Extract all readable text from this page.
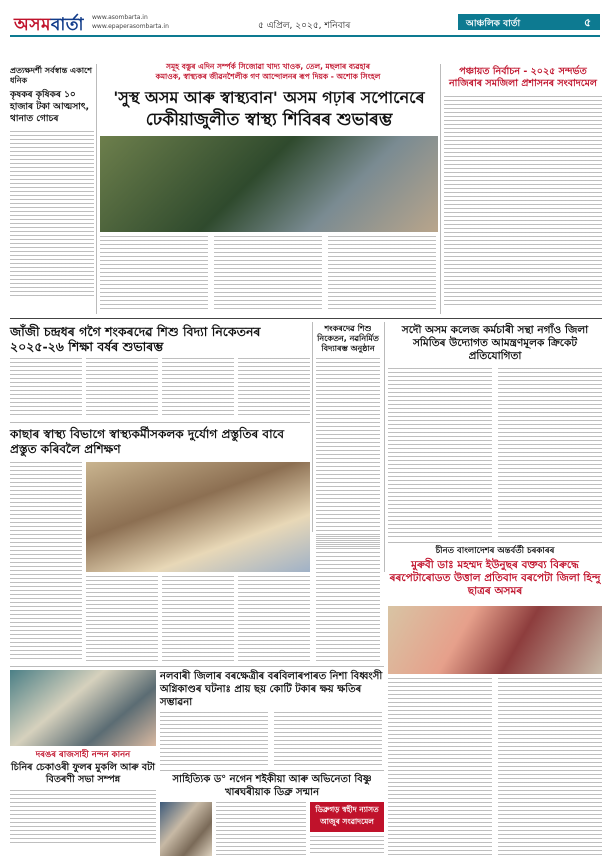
অসমবাৰ্তা www.asombarta.in
www.epaperasombarta.in	৫ এপ্ৰিল, ২০২৫, শনিবাৰ	আঞ্চলিক বাৰ্তা	৫
প্ৰত্যক্ষদৰ্শী সৰ্বস্বান্ত একাশে ধনিক
কৃষকৰ কৃষিকৰ ১০ হাজাৰ টকা আত্মসাৎ, থানাত গোচৰ
সমূহ বস্তুৰ এদিন সৰ্ম্পৰ্ক সিজোৱা খাদ্য খাওক, তেল, মছলাৰ ব্যৱহাৰ
কমাওক, স্বাস্থ্যকৰ জীৱনশৈলীক গণ আন্দোলনৰ ৰূপ দিয়ক - অশোক সিংহল
'সুস্থ অসম আৰু স্বাস্থ্যবান' অসম গঢ়াৰ সপোনেৰে
ঢেকীয়াজুলীত স্বাস্থ্য শিবিৰৰ শুভাৰম্ভ
পঞ্চায়ত নিৰ্বাচন - ২০২৫ সন্দৰ্ভত নাজিৰাৰ সমজিলা প্ৰশাসনৰ সংবাদমেল
জাঁজী চন্দ্ৰধৰ গগৈ শংকৰদেৱ শিশু বিদ্যা নিকেতনৰ ২০২৫-২৬ শিক্ষা বৰ্ষৰ শুভাৰম্ভ
শংকৰদেৱ শিশু নিকেতন, নৱনিৰ্মিত বিদ্যাৰম্ভ অনুষ্ঠান
সদৌ অসম কলেজ কৰ্মচাৰী সন্থা নগাঁও জিলা সমিতিৰ উদ্যোগত আমন্ত্ৰণমূলক ক্ৰিকেট প্ৰতিযোগিতা
কাছাৰ স্বাস্থ্য বিভাগে স্বাস্থ্যকৰ্মীসকলক দুৰ্যোগ প্ৰস্তুতিৰ বাবে প্ৰস্তুত কৰিবলৈ প্ৰশিক্ষণ
চীনত বাংলাদেশৰ অন্তৰ্বৰ্তী চৰকাৰৰ
মুৰুবী ডাঃ মহম্মদ ইউনুছৰ বক্তব্য বিৰুদ্ধে ৰৰপেটাৰোডত উত্তাল প্ৰতিবাদ বৰপেটা জিলা হিন্দু ছাত্ৰৰ অসমৰ
নলবাৰী জিলাৰ বৰক্ষেত্ৰীৰ বৰবিলাৰপাৰত নিশা বিধ্বংসী অগ্নিকাণ্ডৰ ঘটনাঃ প্ৰায় ছয় কোটি টকাৰ ক্ষয় ক্ষতিৰ সম্ভাৱনা
দৰঙৰ ৰাজসাহী নন্দন কানন
চিনিৰ চেকাওৰী ফুলৰ মুকলি আৰু বটা বিতৰণী সভা সম্পন্ন	সাহিত্যিক ড° নগেন শইকীয়া আৰু অভিনেতা বিষ্ণু খাৰঘৰীয়াক ডিব্ৰু সন্মান
ডিব্ৰুগড় স্বহীদ ন্যাসত
আজুৰ সংৱাদমেল
